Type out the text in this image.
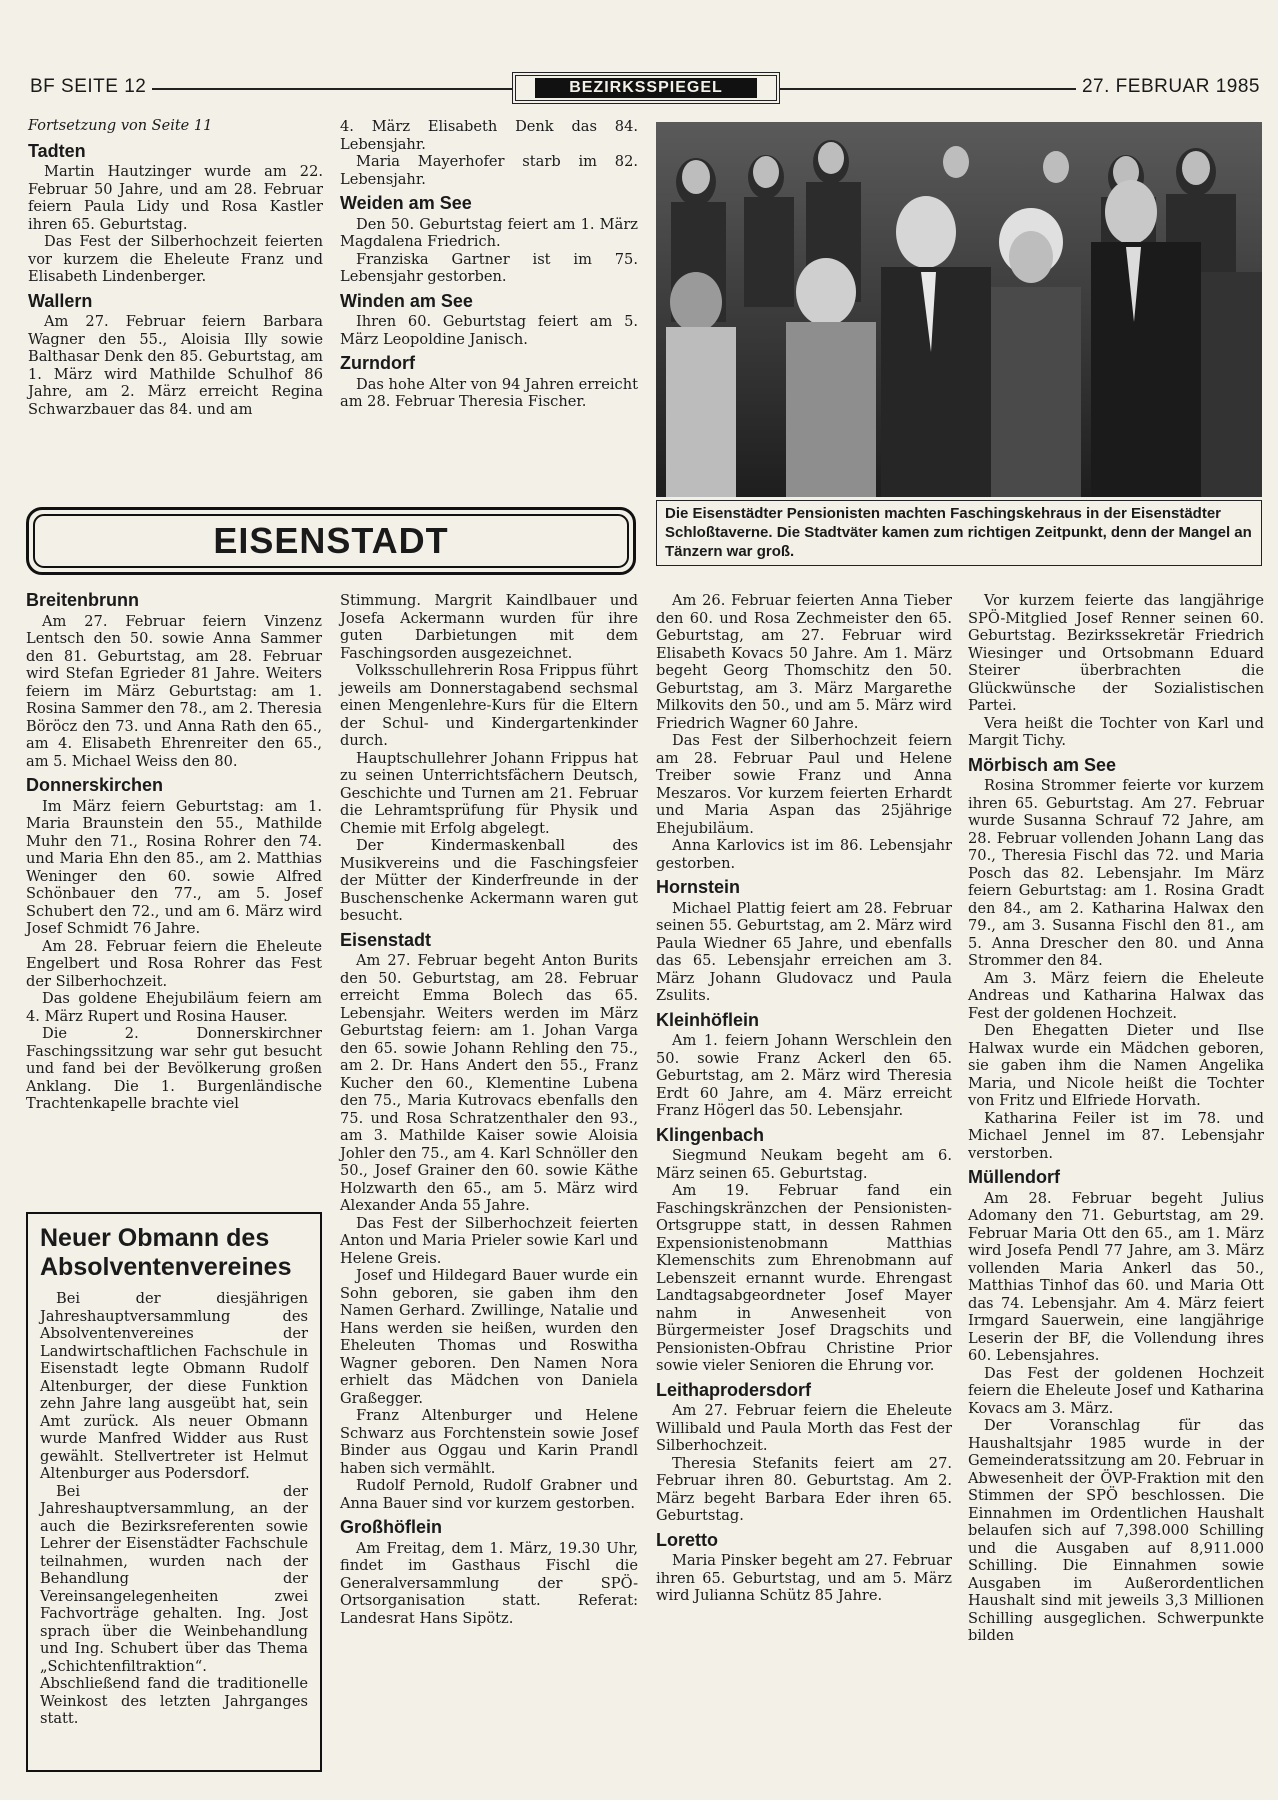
BF SEITE 12	BEZIRKSSPIEGEL	27. FEBRUAR 1985
Fortsetzung von Seite 11
Tadten

Martin Hautzinger wurde am 22. Februar 50 Jahre, und am 28. Februar feiern Paula Lidy und Rosa Kastler ihren 65. Geburtstag.

Das Fest der Silberhochzeit feierten vor kurzem die Eheleute Franz und Elisabeth Lindenberger.

Wallern

Am 27. Februar feiern Barbara Wagner den 55., Aloisia Illy sowie Balthasar Denk den 85. Geburtstag, am 1. März wird Mathilde Schulhof 86 Jahre, am 2. März erreicht Regina Schwarzbauer das 84. und am

4. März Elisabeth Denk das 84. Lebensjahr.

Maria Mayerhofer starb im 82. Lebensjahr.

Weiden am See

Den 50. Geburtstag feiert am 1. März Magdalena Friedrich.

Franziska Gartner ist im 75. Lebensjahr gestorben.

Winden am See

Ihren 60. Geburtstag feiert am 5. März Leopoldine Janisch.

Zurndorf

Das hohe Alter von 94 Jahren erreicht am 28. Februar Theresia Fischer.

Die Eisenstädter Pensionisten machten Faschingskehraus in der Eisenstädter Schloßtaverne. Die Stadtväter kamen zum richtigen Zeitpunkt, denn der Mangel an Tänzern war groß.
EISENSTADT
Breitenbrunn

Am 27. Februar feiern Vinzenz Lentsch den 50. sowie Anna Sammer den 81. Geburtstag, am 28. Februar wird Stefan Egrieder 81 Jahre. Weiters feiern im März Geburtstag: am 1. Rosina Sammer den 78., am 2. Theresia Böröcz den 73. und Anna Rath den 65., am 4. Elisabeth Ehrenreiter den 65., am 5. Michael Weiss den 80.

Donnerskirchen

Im März feiern Geburtstag: am 1. Maria Braunstein den 55., Mathilde Muhr den 71., Rosina Rohrer den 74. und Maria Ehn den 85., am 2. Matthias Weninger den 60. sowie Alfred Schönbauer den 77., am 5. Josef Schubert den 72., und am 6. März wird Josef Schmidt 76 Jahre.

Am 28. Februar feiern die Eheleute Engelbert und Rosa Rohrer das Fest der Silberhochzeit.

Das goldene Ehejubiläum feiern am 4. März Rupert und Rosina Hauser.

Die 2. Donnerskirchner Faschingssitzung war sehr gut besucht und fand bei der Bevölkerung großen Anklang. Die 1. Burgenländische Trachtenkapelle brachte viel

Neuer Obmann des Absolventenvereines

Bei der diesjährigen Jahreshauptversammlung des Absolventenvereines der Landwirtschaftlichen Fachschule in Eisenstadt legte Obmann Rudolf Altenburger, der diese Funktion zehn Jahre lang ausgeübt hat, sein Amt zurück. Als neuer Obmann wurde Manfred Widder aus Rust gewählt. Stellvertreter ist Helmut Altenburger aus Podersdorf.

Bei der Jahreshauptversammlung, an der auch die Bezirksreferenten sowie Lehrer der Eisenstädter Fachschule teilnahmen, wurden nach der Behandlung der Vereinsangelegenheiten zwei Fachvorträge gehalten. Ing. Jost sprach über die Weinbehandlung und Ing. Schubert über das Thema „Schichtenfiltraktion“. Abschließend fand die traditionelle Weinkost des letzten Jahrganges statt.

Stimmung. Margrit Kaindlbauer und Josefa Ackermann wurden für ihre guten Darbietungen mit dem Faschingsorden ausgezeichnet.

Volksschullehrerin Rosa Frippus führt jeweils am Donnerstagabend sechsmal einen Mengenlehre-Kurs für die Eltern der Schul- und Kindergartenkinder durch.

Hauptschullehrer Johann Frippus hat zu seinen Unterrichtsfächern Deutsch, Geschichte und Turnen am 21. Februar die Lehramtsprüfung für Physik und Chemie mit Erfolg abgelegt.

Der Kindermaskenball des Musikvereins und die Faschingsfeier der Mütter der Kinderfreunde in der Buschenschenke Ackermann waren gut besucht.

Eisenstadt

Am 27. Februar begeht Anton Burits den 50. Geburtstag, am 28. Februar erreicht Emma Bolech das 65. Lebensjahr. Weiters werden im März Geburtstag feiern: am 1. Johan Varga den 65. sowie Johann Rehling den 75., am 2. Dr. Hans Andert den 55., Franz Kucher den 60., Klementine Lubena den 75., Maria Kutrovacs ebenfalls den 75. und Rosa Schratzenthaler den 93., am 3. Mathilde Kaiser sowie Aloisia Johler den 75., am 4. Karl Schnöller den 50., Josef Grainer den 60. sowie Käthe Holzwarth den 65., am 5. März wird Alexander Anda 55 Jahre.

Das Fest der Silberhochzeit feierten Anton und Maria Prieler sowie Karl und Helene Greis.

Josef und Hildegard Bauer wurde ein Sohn geboren, sie gaben ihm den Namen Gerhard. Zwillinge, Natalie und Hans werden sie heißen, wurden den Eheleuten Thomas und Roswitha Wagner geboren. Den Namen Nora erhielt das Mädchen von Daniela Graßegger.

Franz Altenburger und Helene Schwarz aus Forchtenstein sowie Josef Binder aus Oggau und Karin Prandl haben sich vermählt.

Rudolf Pernold, Rudolf Grabner und Anna Bauer sind vor kurzem gestorben.

Großhöflein

Am Freitag, dem 1. März, 19.30 Uhr, findet im Gasthaus Fischl die Generalversammlung der SPÖ-Ortsorganisation statt. Referat: Landesrat Hans Sipötz.

Am 26. Februar feierten Anna Tieber den 60. und Rosa Zechmeister den 65. Geburtstag, am 27. Februar wird Elisabeth Kovacs 50 Jahre. Am 1. März begeht Georg Thomschitz den 50. Geburtstag, am 3. März Margarethe Milkovits den 50., und am 5. März wird Friedrich Wagner 60 Jahre.

Das Fest der Silberhochzeit feiern am 28. Februar Paul und Helene Treiber sowie Franz und Anna Meszaros. Vor kurzem feierten Erhardt und Maria Aspan das 25jährige Ehejubiläum.

Anna Karlovics ist im 86. Lebensjahr gestorben.

Hornstein

Michael Plattig feiert am 28. Februar seinen 55. Geburtstag, am 2. März wird Paula Wiedner 65 Jahre, und ebenfalls das 65. Lebensjahr erreichen am 3. März Johann Gludovacz und Paula Zsulits.

Kleinhöflein

Am 1. feiern Johann Werschlein den 50. sowie Franz Ackerl den 65. Geburtstag, am 2. März wird Theresia Erdt 60 Jahre, am 4. März erreicht Franz Högerl das 50. Lebensjahr.

Klingenbach

Siegmund Neukam begeht am 6. März seinen 65. Geburtstag.

Am 19. Februar fand ein Faschingskränzchen der Pensionisten-Ortsgruppe statt, in dessen Rahmen Expensionistenobmann Matthias Klemenschits zum Ehrenobmann auf Lebenszeit ernannt wurde. Ehrengast Landtagsabgeordneter Josef Mayer nahm in Anwesenheit von Bürgermeister Josef Dragschits und Pensionisten-Obfrau Christine Prior sowie vieler Senioren die Ehrung vor.

Leithaprodersdorf

Am 27. Februar feiern die Eheleute Willibald und Paula Morth das Fest der Silberhochzeit.

Theresia Stefanits feiert am 27. Februar ihren 80. Geburtstag. Am 2. März begeht Barbara Eder ihren 65. Geburtstag.

Loretto

Maria Pinsker begeht am 27. Februar ihren 65. Geburtstag, und am 5. März wird Julianna Schütz 85 Jahre.

Vor kurzem feierte das langjährige SPÖ-Mitglied Josef Renner seinen 60. Geburtstag. Bezirkssekretär Friedrich Wiesinger und Ortsobmann Eduard Steirer überbrachten die Glückwünsche der Sozialistischen Partei.

Vera heißt die Tochter von Karl und Margit Tichy.

Mörbisch am See

Rosina Strommer feierte vor kurzem ihren 65. Geburtstag. Am 27. Februar wurde Susanna Schrauf 72 Jahre, am 28. Februar vollenden Johann Lang das 70., Theresia Fischl das 72. und Maria Posch das 82. Lebensjahr. Im März feiern Geburtstag: am 1. Rosina Gradt den 84., am 2. Katharina Halwax den 79., am 3. Susanna Fischl den 81., am 5. Anna Drescher den 80. und Anna Strommer den 84.

Am 3. März feiern die Eheleute Andreas und Katharina Halwax das Fest der goldenen Hochzeit.

Den Ehegatten Dieter und Ilse Halwax wurde ein Mädchen geboren, sie gaben ihm die Namen Angelika Maria, und Nicole heißt die Tochter von Fritz und Elfriede Horvath.

Katharina Feiler ist im 78. und Michael Jennel im 87. Lebensjahr verstorben.

Müllendorf

Am 28. Februar begeht Julius Adomany den 71. Geburtstag, am 29. Februar Maria Ott den 65., am 1. März wird Josefa Pendl 77 Jahre, am 3. März vollenden Maria Ankerl das 50., Matthias Tinhof das 60. und Maria Ott das 74. Lebensjahr. Am 4. März feiert Irmgard Sauerwein, eine langjährige Leserin der BF, die Vollendung ihres 60. Lebensjahres.

Das Fest der goldenen Hochzeit feiern die Eheleute Josef und Katharina Kovacs am 3. März.

Der Voranschlag für das Haushaltsjahr 1985 wurde in der Gemeinderatssitzung am 20. Februar in Abwesenheit der ÖVP-Fraktion mit den Stimmen der SPÖ beschlossen. Die Einnahmen im Ordentlichen Haushalt belaufen sich auf 7,398.000 Schilling und die Ausgaben auf 8,911.000 Schilling. Die Einnahmen sowie Ausgaben im Außerordentlichen Haushalt sind mit jeweils 3,3 Millionen Schilling ausgeglichen. Schwerpunkte bilden
